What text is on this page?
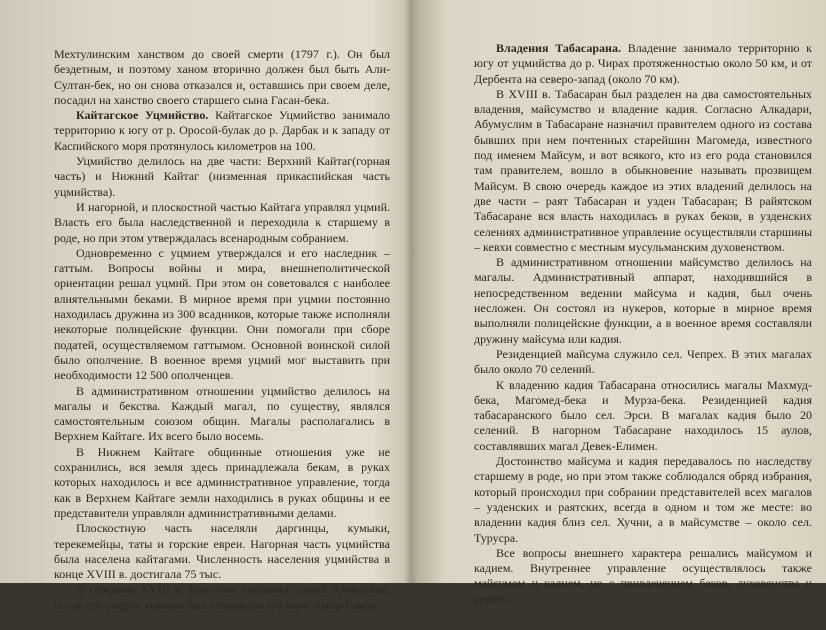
Мехтулинским ханством до своей смерти (1797 г.). Он был бездетным, и поэтому ханом вторично должен был быть Али-Султан-бек, но он снова отказался и, оставшись при своем деле, посадил на ханство своего старшего сына Гасан-бека.

Кайтагское Уцмийство. Кайтагское Уцмийство занимало территорию к югу от р. Оросой-булак до р. Дарбак и к западу от Каспийского моря протянулось километров на 100.

Уцмийство делилось на две части: Верхний Кайтаг(горная часть) и Нижний Кайтаг (низменная прикаспийская часть уцмийства).

И нагорной, и плоскостной частью Кайтага управлял уцмий. Власть его была наследственной и переходила к старшему в роде, но при этом утверждалась всенародным собранием.

Одновременно с уцмием утверждался и его наследник – гаттым. Вопросы войны и мира, внешнеполитической ориентации решал уцмий. При этом он советовался с наиболее влиятельными беками. В мирное время при уцмии постоянно находилась дружина из 300 всадников, которые также исполняли некоторые полицейские функции. Они помогали при сборе податей, осуществляемом гаттымом. Основной воинской силой было ополчение. В военное время уцмий мог выставить при необходимости 12 500 ополченцев.

В административном отношении уцмийство делилось на магалы и бекства. Каждый магал, по существу, являлся самостоятельным союзом общин. Магалы располагались в Верхнем Кайтаге. Их всего было восемь.

В Нижнем Кайтаге общинные отношения уже не сохранились, вся земля здесь принадлежала бекам, в руках которых находилось и все административное управление, тогда как в Верхнем Кайтаге земли находились в руках общины и ее представители управляли административными делами.

Плоскостную часть населяли даргинцы, кумыки, терекемейцы, таты и горские евреи. Нагорная часть уцмийства была населена кайтагами. Численность населения уцмийства в конце XVIII в. достигала 75 тыс.

В середине XVIII в. Кайтагом управлял уцмий Ахмед-хан, после его смерти уцмием был утвержден его внук Амир-Гамза.

Владения Табасарана. Владение занимало территорию к югу от уцмийства до р. Чирах протяженностью около 50 км, и от Дербента на северо-запад (около 70 км).

В XVIII в. Табасаран был разделен на два самостоятельных владения, майсумство и владение кадия. Согласно Алкадари, Абумуслим в Табасаране назначил правителем одного из состава бывших при нем почтенных старейшин Магомеда, известного под именем Майсум, и вот всякого, кто из его рода становился там правителем, вошло в обыкновение называть прозвищем Майсум. В свою очередь каждое из этих владений делилось на две части – раят Табасаран и узден Табасаран; В райятском Табасаране вся власть находилась в руках беков, в узденских селениях административное управление осуществляли старшины – кевхи совместно с местным мусульманским духовенством.

В административном отношении майсумство делилось на магалы. Административный аппарат, находившийся в непосредственном ведении майсума и кадия, был очень несложен. Он состоял из нукеров, которые в мирное время выполняли полицейские функции, а в военное время составляли дружину майсума или кадия.

Резиденцией майсума служило сел. Чепрех. В этих магалах было около 70 селений.

К владению кадия Табасарана относились магалы Махмуд-бека, Магомед-бека и Мурза-бека. Резиденцией кадия табасаранского было сел. Эрси. В магалах кадия было 20 селений. В нагорном Табасаране находилось 15 аулов, составлявших магал Девек-Елимен.

Достоинство майсума и кадия передавалось по наследству старшему в роде, но при этом также соблюдался обряд избрания, который происходил при собрании представителей всех магалов – узденских и раятских, всегда в одном и том же месте: во владении кадия близ сел. Хучни, а в майсумстве – около сел. Турусра.

Все вопросы внешнего характера решались майсумом и кадием. Внутреннее управление осуществлялось также майсумом и кадием, но с привлечением беков, духовенства и кевхов.
